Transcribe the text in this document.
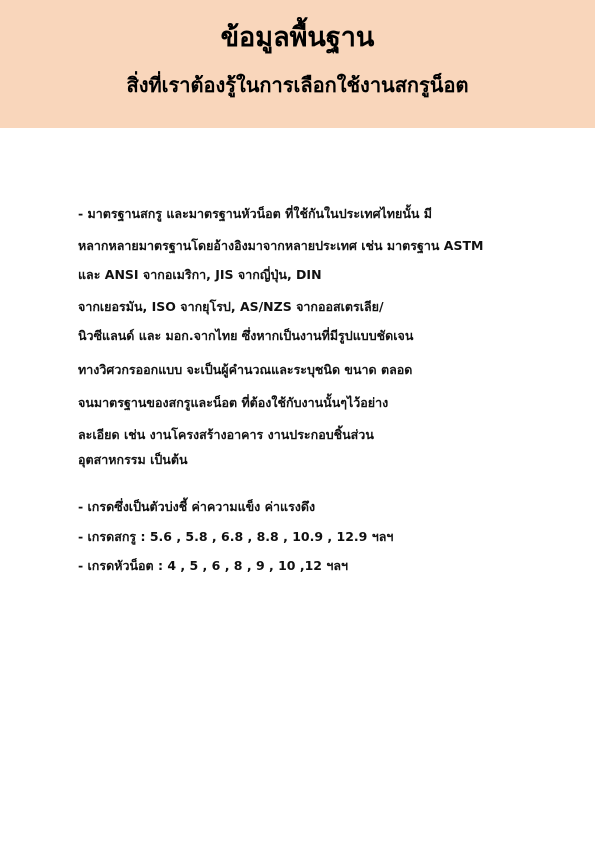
ข้อมูลพื้นฐาน
สิ่งที่เราต้องรู้ในการเลือกใช้งานสกรูน็อต
- มาตรฐานสกรู และมาตรฐานหัวน็อต ที่ใช้กันในประเทศไทยนั้น มี
หลากหลายมาตรฐานโดยอ้างอิงมาจากหลายประเทศ เช่น มาตรฐาน ASTM
และ ANSI จากอเมริกา, JIS จากญี่ปุ่น, DIN
จากเยอรมัน, ISO จากยุโรป, AS/NZS จากออสเตรเลีย/
นิวซีแลนด์ และ มอก.จากไทย ซึ่งหากเป็นงานที่มีรูปแบบชัดเจน
ทางวิศวกรออกแบบ จะเป็นผู้คำนวณและระบุชนิด ขนาด ตลอด
จนมาตรฐานของสกรูและน็อต ที่ต้องใช้กับงานนั้นๆไว้อย่าง
ละเอียด เช่น งานโครงสร้างอาคาร งานประกอบชิ้นส่วน
อุตสาหกรรม เป็นต้น
- เกรดซึ่งเป็นตัวบ่งชี้ ค่าความแข็ง ค่าแรงดึง
- เกรดสกรู : 5.6 , 5.8 , 6.8 , 8.8 , 10.9 , 12.9 ฯลฯ
- เกรดหัวน็อต : 4 , 5 , 6 , 8 , 9 , 10 ,12 ฯลฯ
